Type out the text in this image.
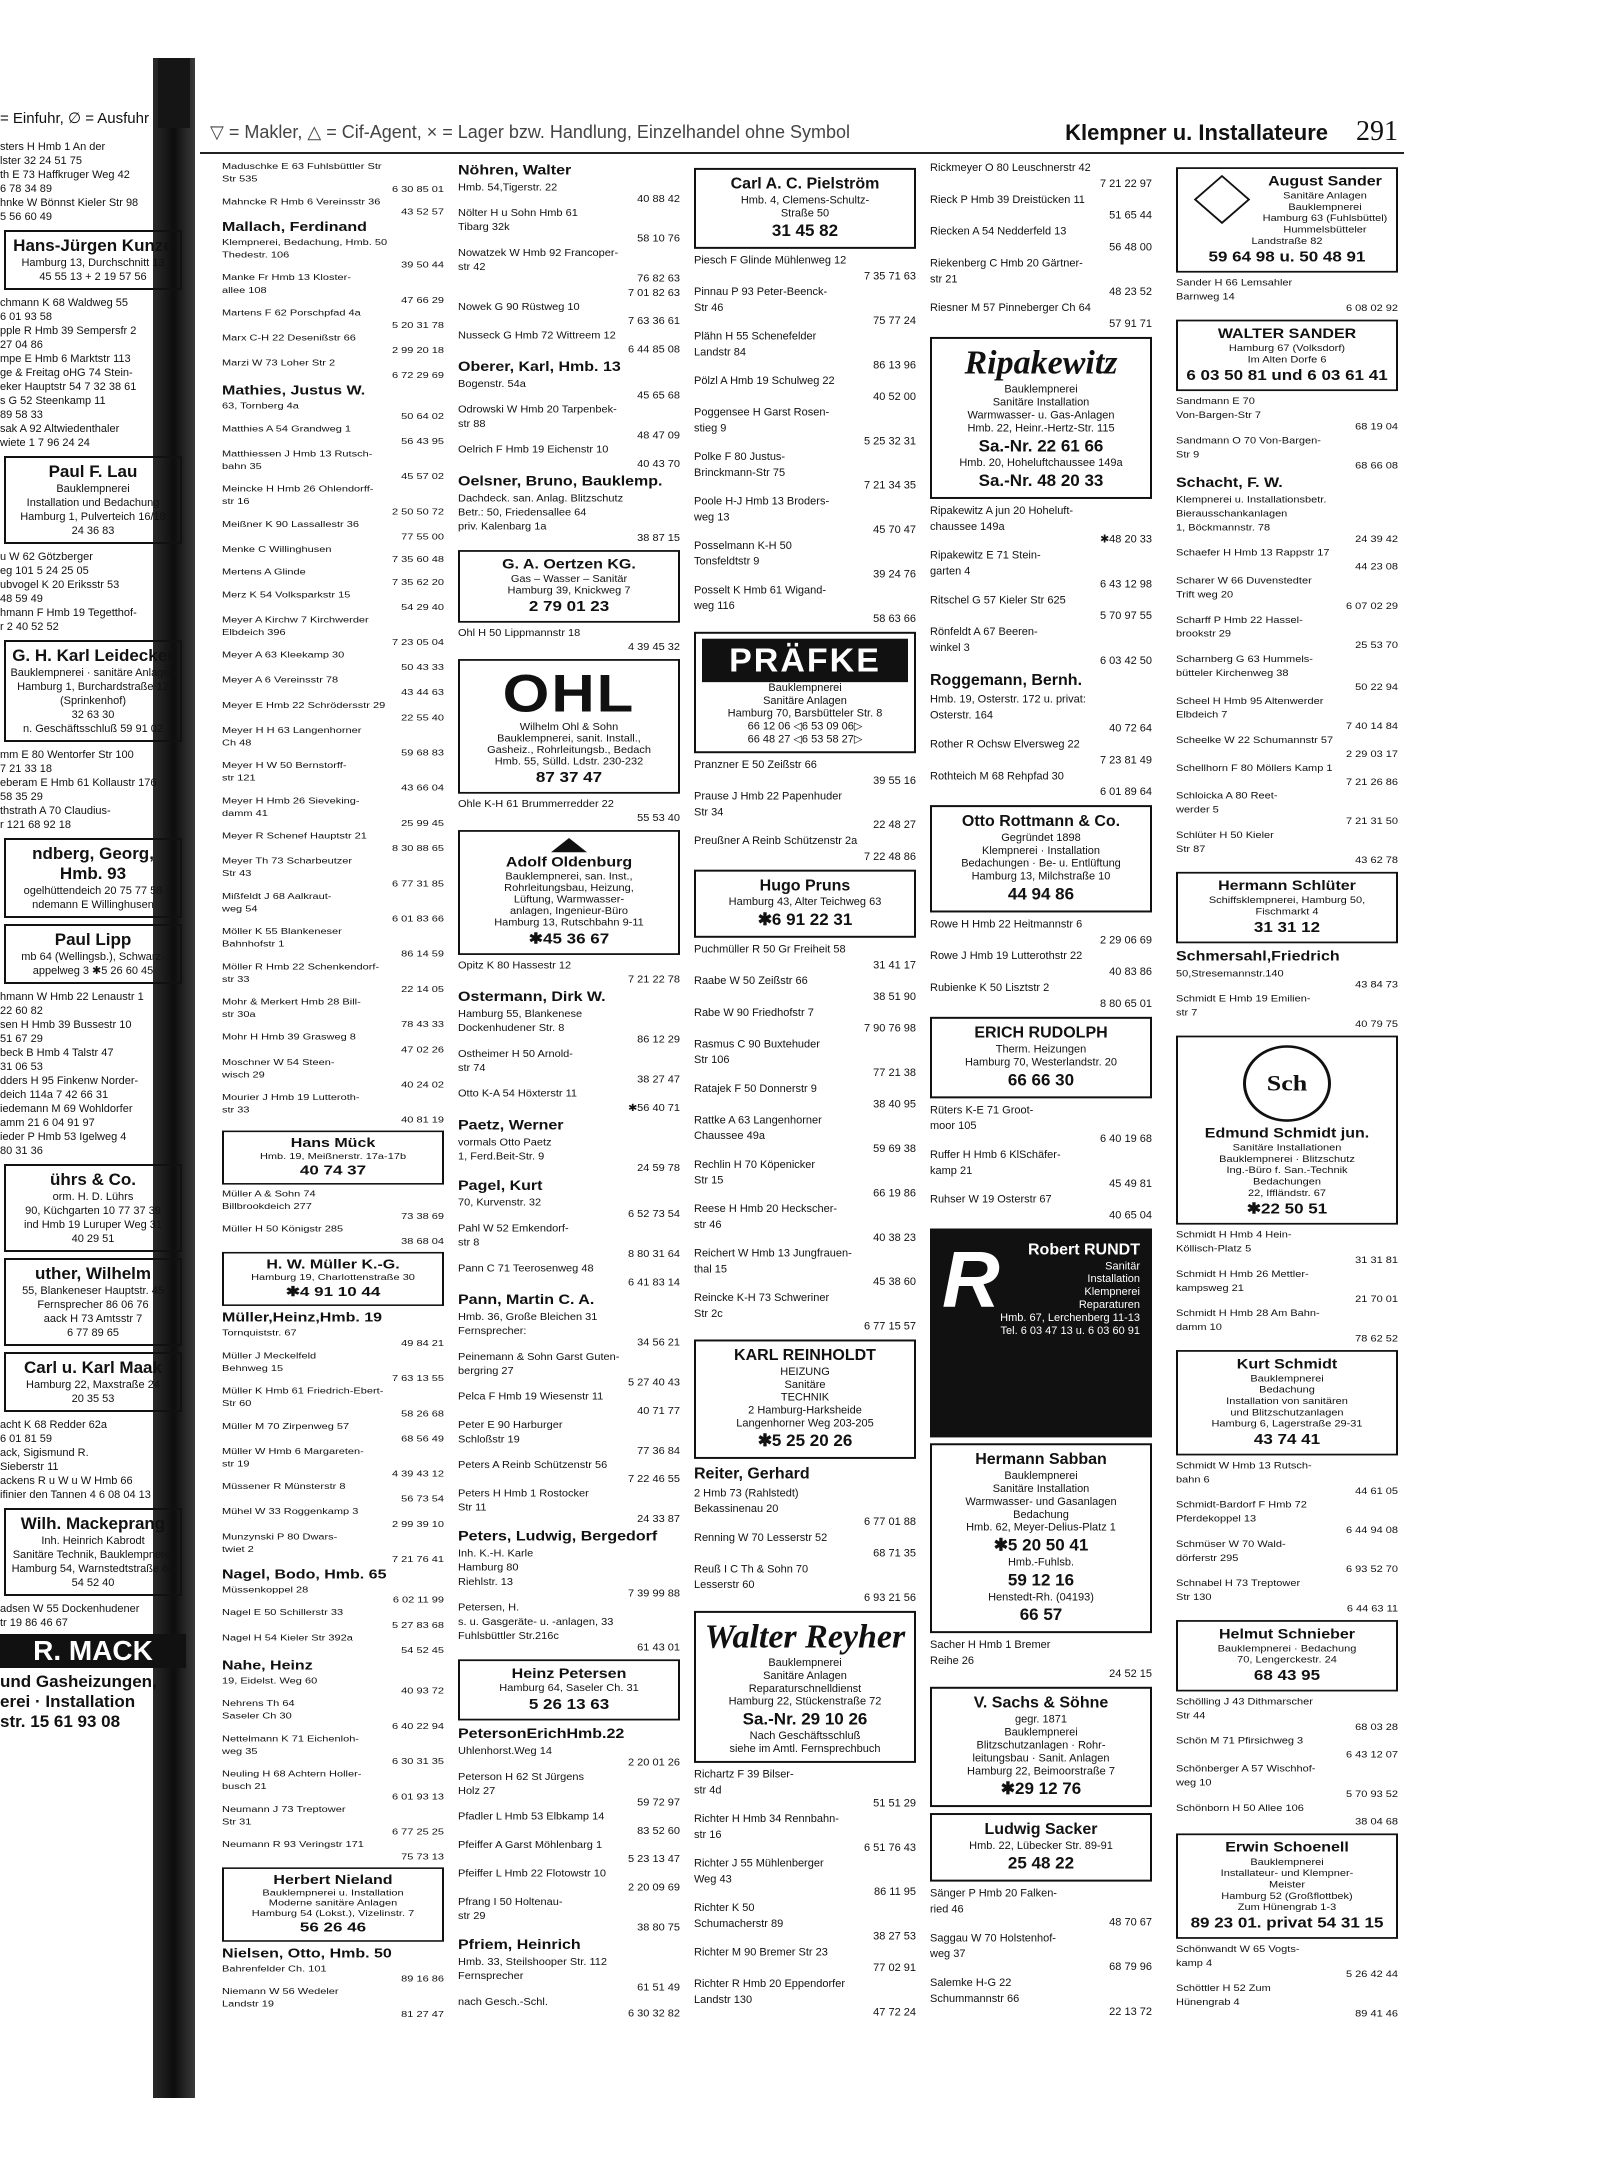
= Einfuhr, ∅ = Ausfuhr
sters H Hmb 1 An der
lster 32 24 51 75
th E 73 Haffkruger Weg 42
6 78 34 89
hnke W Bönnst Kieler Str 98
5 56 60 49
Hans-Jürgen Kunze
Hamburg 13, Durchschnitt 13
45 55 13 + 2 19 57 56
chmann K 68 Waldweg 55
6 01 93 58
pple R Hmb 39 Sempersfr 2
27 04 86
mpe E Hmb 6 Marktstr 113
ge & Freitag oHG 74 Stein-
eker Hauptstr 54 7 32 38 61
s G 52 Steenkamp 11
89 58 33
sak A 92 Altwiedenthaler
wiete 1 7 96 24 24
Paul F. Lau
Bauklempnerei
Installation und Bedachung
Hamburg 1, Pulverteich 16/18
24 36 83
u W 62 Götzberger
eg 101 5 24 25 05
ubvogel K 20 Eriksstr 53
48 59 49
hmann F Hmb 19 Tegetthof-
r 2 40 52 52
G. H. Karl Leidecker
Bauklempnerei · sanitäre Anlagen
Hamburg 1, Burchardstraße 12
(Sprinkenhof)
32 63 30
n. Geschäftsschluß 59 91 02
mm E 80 Wentorfer Str 100
7 21 33 18
eberam E Hmb 61 Kollaustr 176
58 35 29
thstrath A 70 Claudius-
r 121 68 92 18
ndberg, Georg, Hmb. 93
ogelhüttendeich 20 75 77 58
ndemann E Willinghusen
Paul Lipp
mb 64 (Wellingsb.), Schwarz-
appelweg 3 ✱5 26 60 45
hmann W Hmb 22 Lenaustr 1
22 60 82
sen H Hmb 39 Bussestr 10
51 67 29
beck B Hmb 4 Talstr 47
31 06 53
dders H 95 Finkenw Norder-
deich 114a 7 42 66 31
iedemann M 69 Wohldorfer
amm 21 6 04 91 97
ieder P Hmb 53 Igelweg 4
80 31 36
ührs & Co.
orm. H. D. Lührs
90, Küchgarten 10 77 37 39
ind Hmb 19 Luruper Weg 31
40 29 51
uther, Wilhelm
55, Blankeneser Hauptstr. 45
Fernsprecher 86 06 76
aack H 73 Amtsstr 7
6 77 89 65
Carl u. Karl Maak
Hamburg 22, Maxstraße 24
20 35 53
acht K 68 Redder 62a
6 01 81 59
ack, Sigismund R.
Sieberstr 11
ackens R u W u W Hmb 66
ifinier den Tannen 4 6 08 04 13
Wilh. Mackeprang
Inh. Heinrich Kabrodt
Sanitäre Technik, Bauklempnerei
Hamburg 54, Warnstedtstraße 66
54 52 40
adsen W 55 Dockenhudener
tr 19 86 46 67
R. MACK
und Gasheizungen,
erei · Installation
str. 15 61 93 08
▽ = Makler, △ = Cif-Agent, × = Lager bzw. Handlung, Einzelhandel ohne Symbol	Klempner u. Installateure 291
Maduschke E 63 Fuhlsbüttler Str
Str 535
6 30 85 01
Mahncke R Hmb 6 Vereinsstr 36
43 52 57
Mallach, Ferdinand
Klempnerei, Bedachung, Hmb. 50
Thedestr. 106
39 50 44
Manke Fr Hmb 13 Kloster-
allee 108
47 66 29
Martens F 62 Porschpfad 4a
5 20 31 78
Marx C-H 22 Desenißstr 66
2 99 20 18
Marzi W 73 Loher Str 2
6 72 29 69
Mathies, Justus W.
63, Tornberg 4a
50 64 02
Matthies A 54 Grandweg 1
56 43 95
Matthiessen J Hmb 13 Rutsch-
bahn 35
45 57 02
Meincke H Hmb 26 Ohlendorff-
str 16
2 50 50 72
Meißner K 90 Lassallestr 36
77 55 00
Menke C Willinghusen
7 35 60 48
Mertens A Glinde
7 35 62 20
Merz K 54 Volksparkstr 15
54 29 40
Meyer A Kirchw 7 Kirchwerder
Elbdeich 396
7 23 05 04
Meyer A 63 Kleekamp 30
50 43 33
Meyer A 6 Vereinsstr 78
43 44 63
Meyer E Hmb 22 Schrödersstr 29
22 55 40
Meyer H H 63 Langenhorner
Ch 48
59 68 83
Meyer H W 50 Bernstorff-
str 121
43 66 04
Meyer H Hmb 26 Sieveking-
damm 41
25 99 45
Meyer R Schenef Hauptstr 21
8 30 88 65
Meyer Th 73 Scharbeutzer
Str 43
6 77 31 85
Mißfeldt J 68 Aalkraut-
weg 54
6 01 83 66
Möller K 55 Blankeneser
Bahnhofstr 1
86 14 59
Möller R Hmb 22 Schenkendorf-
str 33
22 14 05
Mohr & Merkert Hmb 28 Bill-
str 30a
78 43 33
Mohr H Hmb 39 Grasweg 8
47 02 26
Moschner W 54 Steen-
wisch 29
40 24 02
Mourier J Hmb 19 Lutteroth-
str 33
40 81 19
Hans Mück
Hmb. 19, Meißnerstr. 17a-17b
40 74 37
Müller A & Sohn 74
Billbrookdeich 277
73 38 69
Müller H 50 Königstr 285
38 68 04
H. W. Müller K.-G.
Hamburg 19, Charlottenstraße 30
✱4 91 10 44
Müller,Heinz,Hmb. 19
Tornquiststr. 67
49 84 21
Müller J Meckelfeld
Behnweg 15
7 63 13 55
Müller K Hmb 61 Friedrich-Ebert-
Str 60
58 26 68
Müller M 70 Zirpenweg 57
68 56 49
Müller W Hmb 6 Margareten-
str 19
4 39 43 12
Müssener R Münsterstr 8
56 73 54
Mühel W 33 Roggenkamp 3
2 99 39 10
Munzynski P 80 Dwars-
twiet 2
7 21 76 41
Nagel, Bodo, Hmb. 65
Müssenkoppel 28
6 02 11 99
Nagel E 50 Schillerstr 33
5 27 83 68
Nagel H 54 Kieler Str 392a
54 52 45
Nahe, Heinz
19, Eidelst. Weg 60
40 93 72
Nehrens Th 64
Saseler Ch 30
6 40 22 94
Nettelmann K 71 Eichenloh-
weg 35
6 30 31 35
Neuling H 68 Achtern Holler-
busch 21
6 01 93 13
Neumann J 73 Treptower
Str 31
6 77 25 25
Neumann R 93 Veringstr 171
75 73 13
Herbert Nieland
Bauklempnerei u. Installation
Moderne sanitäre Anlagen
Hamburg 54 (Lokst.), Vizelinstr. 7
56 26 46
Nielsen, Otto, Hmb. 50
Bahrenfelder Ch. 101
89 16 86
Niemann W 56 Wedeler
Landstr 19
81 27 47
Nöhren, Walter
Hmb. 54,Tigerstr. 22
40 88 42
Nölter H u Sohn Hmb 61
Tibarg 32k
58 10 76
Nowatzek W Hmb 92 Francoper-
str 42
76 82 63
7 01 82 63
Nowek G 90 Rüstweg 10
7 63 36 61
Nusseck G Hmb 72 Wittreem 12
6 44 85 08
Oberer, Karl, Hmb. 13
Bogenstr. 54a
45 65 68
Odrowski W Hmb 20 Tarpenbek-
str 88
48 47 09
Oelrich F Hmb 19 Eichenstr 10
40 43 70
Oelsner, Bruno, Bauklemp.
Dachdeck. san. Anlag. Blitzschutz
Betr.: 50, Friedensallee 64
priv. Kalenbarg 1a
38 87 15
G. A. Oertzen KG.
Gas – Wasser – Sanitär
Hamburg 39, Knickweg 7
2 79 01 23
Ohl H 50 Lippmannstr 18
4 39 45 32
OHL
Wilhelm Ohl & Sohn
Bauklempnerei, sanit. Install.,
Gasheiz., Rohrleitungsb., Bedach
Hmb. 55, Sülld. Ldstr. 230-232
87 37 47
Ohle K-H 61 Brummerredder 22
55 53 40
Adolf Oldenburg
Bauklempnerei, san. Inst.,
Rohrleitungsbau, Heizung,
Lüftung, Warmwasser-
anlagen, Ingenieur-Büro
Hamburg 13, Rutschbahn 9-11
✱45 36 67
Opitz K 80 Hassestr 12
7 21 22 78
Ostermann, Dirk W.
Hamburg 55, Blankenese
Dockenhudener Str. 8
86 12 29
Ostheimer H 50 Arnold-
str 74
38 27 47
Otto K-A 54 Höxterstr 11
✱56 40 71
Paetz, Werner
vormals Otto Paetz
1, Ferd.Beit-Str. 9
24 59 78
Pagel, Kurt
70, Kurvenstr. 32
6 52 73 54
Pahl W 52 Emkendorf-
str 8
8 80 31 64
Pann C 71 Teerosenweg 48
6 41 83 14
Pann, Martin C. A.
Hmb. 36, Große Bleichen 31
Fernsprecher:
34 56 21
Peinemann & Sohn Garst Guten-
bergring 27
5 27 40 43
Pelca F Hmb 19 Wiesenstr 11
40 71 77
Peter E 90 Harburger
Schloßstr 19
77 36 84
Peters A Reinb Schützenstr 56
7 22 46 55
Peters H Hmb 1 Rostocker
Str 11
24 33 87
Peters, Ludwig, Bergedorf
Inh. K.-H. Karle
Hamburg 80
Riehlstr. 13
7 39 99 88
Petersen, H.
s. u. Gasgeräte- u. -anlagen, 33
Fuhlsbüttler Str.216c
61 43 01
Heinz Petersen
Hamburg 64, Saseler Ch. 31
5 26 13 63
PetersonErichHmb.22
Uhlenhorst.Weg 14
2 20 01 26
Peterson H 62 St Jürgens
Holz 27
59 72 97
Pfadler L Hmb 53 Elbkamp 14
83 52 60
Pfeiffer A Garst Möhlenbarg 1
5 23 13 47
Pfeiffer L Hmb 22 Flotowstr 10
2 20 09 69
Pfrang I 50 Holtenau-
str 29
38 80 75
Pfriem, Heinrich
Hmb. 33, Steilshooper Str. 112
Fernsprecher
61 51 49
nach Gesch.-Schl.
6 30 32 82
Carl A. C. Pielström
Hmb. 4, Clemens-Schultz-
Straße 50
31 45 82
Piesch F Glinde Mühlenweg 12
7 35 71 63
Pinnau P 93 Peter-Beenck-
Str 46
75 77 24
Plähn H 55 Schenefelder
Landstr 84
86 13 96
Pölzl A Hmb 19 Schulweg 22
40 52 00
Poggensee H Garst Rosen-
stieg 9
5 25 32 31
Polke F 80 Justus-
Brinckmann-Str 75
7 21 34 35
Poole H-J Hmb 13 Broders-
weg 13
45 70 47
Posselmann K-H 50
Tonsfeldtstr 9
39 24 76
Posselt K Hmb 61 Wigand-
weg 116
58 63 66
PRÄFKE
Bauklempnerei
Sanitäre Anlagen
Hamburg 70, Barsbütteler Str. 8
66 12 06 ◁6 53 09 06▷
66 48 27 ◁6 53 58 27▷
Pranzner E 50 Zeißstr 66
39 55 16
Prause J Hmb 22 Papenhuder
Str 34
22 48 27
Preußner A Reinb Schützenstr 2a
7 22 48 86
Hugo Pruns
Hamburg 43, Alter Teichweg 63
✱6 91 22 31
Puchmüller R 50 Gr Freiheit 58
31 41 17
Raabe W 50 Zeißstr 66
38 51 90
Rabe W 90 Friedhofstr 7
7 90 76 98
Rasmus C 90 Buxtehuder
Str 106
77 21 38
Ratajek F 50 Donnerstr 9
38 40 95
Rattke A 63 Langenhorner
Chaussee 49a
59 69 38
Rechlin H 70 Köpenicker
Str 15
66 19 86
Reese H Hmb 20 Heckscher-
str 46
40 38 23
Reichert W Hmb 13 Jungfrauen-
thal 15
45 38 60
Reincke K-H 73 Schweriner
Str 2c
6 77 15 57
KARL REINHOLDT
HEIZUNG
Sanitäre
TECHNIK
2 Hamburg-Harksheide
Langenhorner Weg 203-205
✱5 25 20 26
Reiter, Gerhard
2 Hmb 73 (Rahlstedt)
Bekassinenau 20
6 77 01 88
Renning W 70 Lesserstr 52
68 71 35
Reuß I C Th & Sohn 70
Lesserstr 60
6 93 21 56
Walter Reyher
Bauklempnerei
Sanitäre Anlagen
Reparaturschnelldienst
Hamburg 22, Stückenstraße 72
Sa.-Nr. 29 10 26
Nach Geschäftsschluß
siehe im Amtl. Fernsprechbuch
Richartz F 39 Bilser-
str 4d
51 51 29
Richter H Hmb 34 Rennbahn-
str 16
6 51 76 43
Richter J 55 Mühlenberger
Weg 43
86 11 95
Richter K 50
Schumacherstr 89
38 27 53
Richter M 90 Bremer Str 23
77 02 91
Richter R Hmb 20 Eppendorfer
Landstr 130
47 72 24
Rickmeyer O 80 Leuschnerstr 42
7 21 22 97
Rieck P Hmb 39 Dreistücken 11
51 65 44
Riecken A 54 Nedderfeld 13
56 48 00
Riekenberg C Hmb 20 Gärtner-
str 21
48 23 52
Riesner M 57 Pinneberger Ch 64
57 91 71
Ripakewitz
Bauklempnerei
Sanitäre Installation
Warmwasser- u. Gas-Anlagen
Hmb. 22, Heinr.-Hertz-Str. 115
Sa.-Nr. 22 61 66
Hmb. 20, Hoheluftchaussee 149a
Sa.-Nr. 48 20 33
Ripakewitz A jun 20 Hoheluft-
chaussee 149a
✱48 20 33
Ripakewitz E 71 Stein-
garten 4
6 43 12 98
Ritschel G 57 Kieler Str 625
5 70 97 55
Rönfeldt A 67 Beeren-
winkel 3
6 03 42 50
Roggemann, Bernh.
Hmb. 19, Osterstr. 172 u. privat:
Osterstr. 164
40 72 64
Rother R Ochsw Elversweg 22
7 23 81 49
Rothteich M 68 Rehpfad 30
6 01 89 64
Otto Rottmann & Co.
Gegründet 1898
Klempnerei · Installation
Bedachungen · Be- u. Entlüftung
Hamburg 13, Milchstraße 10
44 94 86
Rowe H Hmb 22 Heitmannstr 6
2 29 06 69
Rowe J Hmb 19 Lutterothstr 22
40 83 86
Rubienke K 50 Lisztstr 2
8 80 65 01
ERICH RUDOLPH
Therm. Heizungen
Hamburg 70, Westerlandstr. 20
66 66 30
Rüters K-E 71 Groot-
moor 105
6 40 19 68
Ruffer H Hmb 6 KlSchäfer-
kamp 21
45 49 81
Ruhser W 19 Osterstr 67
40 65 04
R	Robert RUNDT
Sanitär
Installation
Klempnerei
Reparaturen
Hmb. 67, Lerchenberg 11-13
Tel. 6 03 47 13 u. 6 03 60 91
Hermann Sabban
Bauklempnerei
Sanitäre Installation
Warmwasser- und Gasanlagen
Bedachung
Hmb. 62, Meyer-Delius-Platz 1
✱5 20 50 41
Hmb.-Fuhlsb.
59 12 16
Henstedt-Rh. (04193)
66 57
Sacher H Hmb 1 Bremer
Reihe 26
24 52 15
V. Sachs & Söhne
gegr. 1871
Bauklempnerei
Blitzschutzanlagen · Rohr-
leitungsbau · Sanit. Anlagen
Hamburg 22, Beimoorstraße 7
✱29 12 76
Ludwig Sacker
Hmb. 22, Lübecker Str. 89-91
25 48 22
Sänger P Hmb 20 Falken-
ried 46
48 70 67
Saggau W 70 Holstenhof-
weg 37
68 79 96
Salemke H-G 22
Schummannstr 66
22 13 72
August Sander
Sanitäre Anlagen
Bauklempnerei
Hamburg 63 (Fuhlsbüttel)
Hummelsbütteler Landstraße 82
59 64 98 u. 50 48 91
Sander H 66 Lemsahler
Barnweg 14
6 08 02 92
WALTER SANDER
Hamburg 67 (Volksdorf)
Im Alten Dorfe 6
6 03 50 81 und 6 03 61 41
Sandmann E 70
Von-Bargen-Str 7
68 19 04
Sandmann O 70 Von-Bargen-
Str 9
68 66 08
Schacht, F. W.
Klempnerei u. Installationsbetr.
Bierausschankanlagen
1, Böckmannstr. 78
24 39 42
Schaefer H Hmb 13 Rappstr 17
44 23 08
Scharer W 66 Duvenstedter
Trift weg 20
6 07 02 29
Scharff P Hmb 22 Hassel-
brookstr 29
25 53 70
Scharnberg G 63 Hummels-
bütteler Kirchenweg 38
50 22 94
Scheel H Hmb 95 Altenwerder
Elbdeich 7
7 40 14 84
Scheelke W 22 Schumannstr 57
2 29 03 17
Schellhorn F 80 Möllers Kamp 1
7 21 26 86
Schloicka A 80 Reet-
werder 5
7 21 31 50
Schlüter H 50 Kieler
Str 87
43 62 78
Hermann Schlüter
Schiffsklempnerei, Hamburg 50,
Fischmarkt 4
31 31 12
Schmersahl,Friedrich
50,Stresemannstr.140
43 84 73
Schmidt E Hmb 19 Emilien-
str 7
40 79 75
Sch
Edmund Schmidt jun.
Sanitäre Installationen
Bauklempnerei · Blitzschutz
Ing.-Büro f. San.-Technik
Bedachungen
22, Iffländstr. 67
✱22 50 51
Schmidt H Hmb 4 Hein-
Köllisch-Platz 5
31 31 81
Schmidt H Hmb 26 Mettler-
kampsweg 21
21 70 01
Schmidt H Hmb 28 Am Bahn-
damm 10
78 62 52
Kurt Schmidt
Bauklempnerei
Bedachung
Installation von sanitären
und Blitzschutzanlagen
Hamburg 6, Lagerstraße 29-31
43 74 41
Schmidt W Hmb 13 Rutsch-
bahn 6
44 61 05
Schmidt-Bardorf F Hmb 72
Pferdekoppel 13
6 44 94 08
Schmüser W 70 Wald-
dörferstr 295
6 93 52 70
Schnabel H 73 Treptower
Str 130
6 44 63 11
Helmut Schnieber
Bauklempnerei · Bedachung
70, Lengerckestr. 24
68 43 95
Schölling J 43 Dithmarscher
Str 44
68 03 28
Schön M 71 Pfirsichweg 3
6 43 12 07
Schönberger A 57 Wischhof-
weg 10
5 70 93 52
Schönborn H 50 Allee 106
38 04 68
Erwin Schoenell
Bauklempnerei
Installateur- und Klempner-
Meister
Hamburg 52 (Großflottbek)
Zum Hünengrab 1-3
89 23 01. privat 54 31 15
Schönwandt W 65 Vogts-
kamp 4
5 26 42 44
Schöttler H 52 Zum
Hünengrab 4
89 41 46
